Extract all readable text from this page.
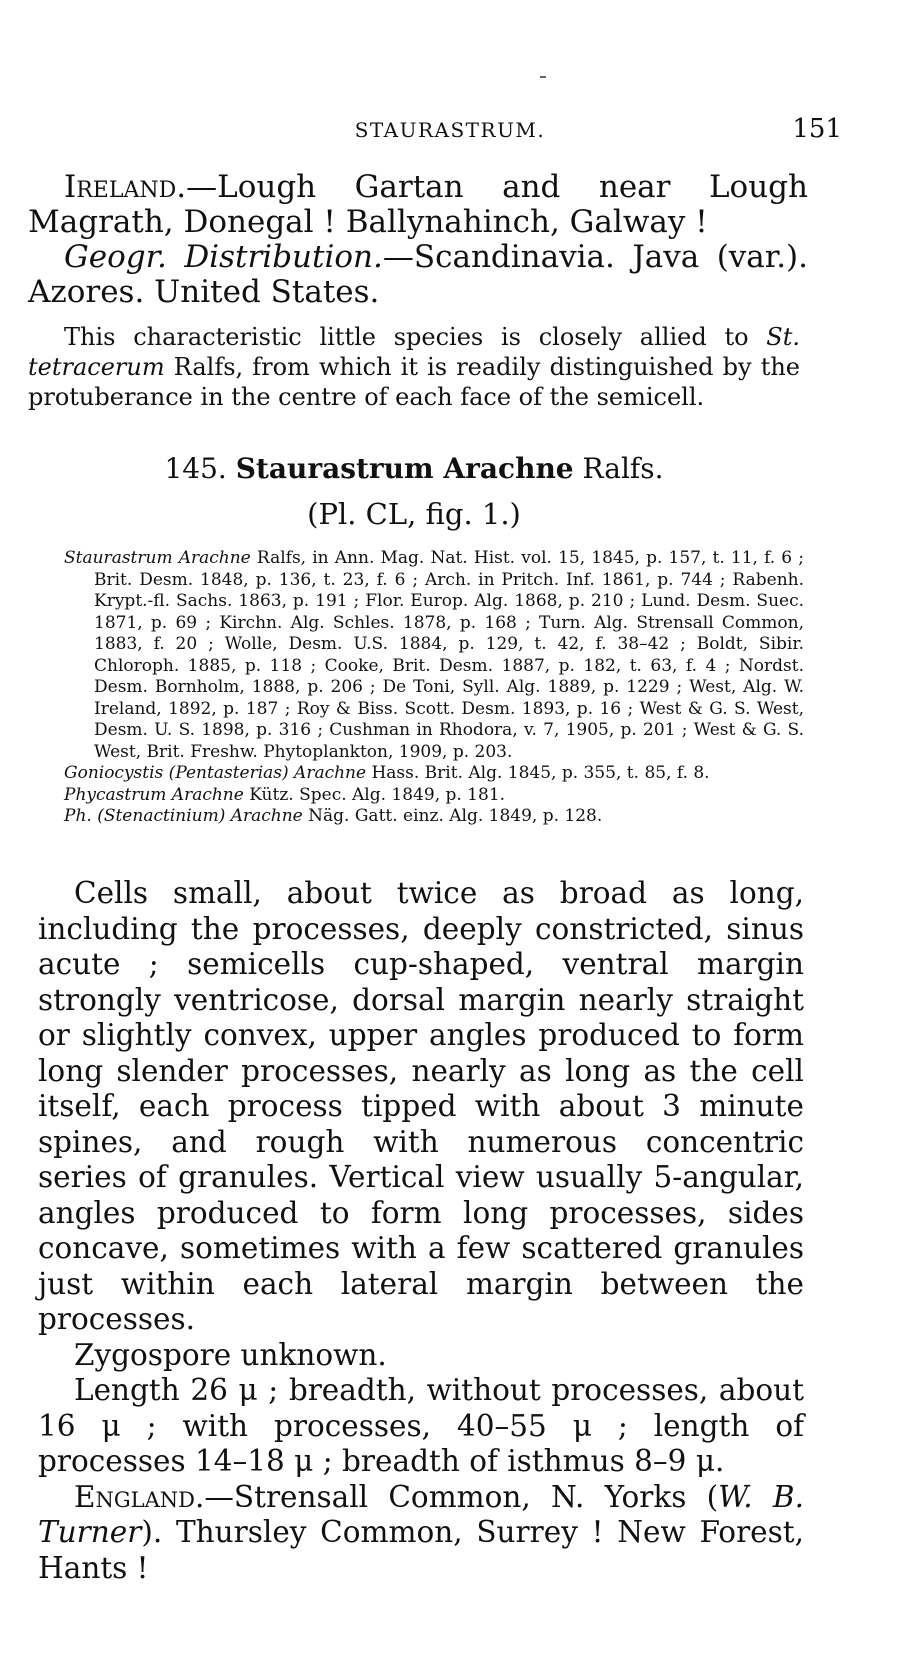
STAURASTRUM.	151

Ireland.—Lough Gartan and near Lough Magrath, Donegal ! Ballynahinch, Galway !

Geogr. Distribution.—Scandinavia. Java (var.). Azores. United States.

This characteristic little species is closely allied to St. tetracerum Ralfs, from which it is readily distinguished by the protuberance in the centre of each face of the semicell.

145. Staurastrum Arachne Ralfs.
(Pl. CL, fig. 1.)

Staurastrum Arachne Ralfs, in Ann. Mag. Nat. Hist. vol. 15, 1845, p. 157, t. 11, f. 6 ; Brit. Desm. 1848, p. 136, t. 23, f. 6 ; Arch. in Pritch. Inf. 1861, p. 744 ; Rabenh. Krypt.-fl. Sachs. 1863, p. 191 ; Flor. Europ. Alg. 1868, p. 210 ; Lund. Desm. Suec. 1871, p. 69 ; Kirchn. Alg. Schles. 1878, p. 168 ; Turn. Alg. Strensall Common, 1883, f. 20 ; Wolle, Desm. U.S. 1884, p. 129, t. 42, f. 38–42 ; Boldt, Sibir. Chloroph. 1885, p. 118 ; Cooke, Brit. Desm. 1887, p. 182, t. 63, f. 4 ; Nordst. Desm. Bornholm, 1888, p. 206 ; De Toni, Syll. Alg. 1889, p. 1229 ; West, Alg. W. Ireland, 1892, p. 187 ; Roy & Biss. Scott. Desm. 1893, p. 16 ; West & G. S. West, Desm. U. S. 1898, p. 316 ; Cushman in Rhodora, v. 7, 1905, p. 201 ; West & G. S. West, Brit. Freshw. Phytoplankton, 1909, p. 203.

Goniocystis (Pentasterias) Arachne Hass. Brit. Alg. 1845, p. 355, t. 85, f. 8.

Phycastrum Arachne Kütz. Spec. Alg. 1849, p. 181.

Ph. (Stenactinium) Arachne Näg. Gatt. einz. Alg. 1849, p. 128.

Cells small, about twice as broad as long, including the processes, deeply constricted, sinus acute ; semicells cup-shaped, ventral margin strongly ventricose, dorsal margin nearly straight or slightly convex, upper angles produced to form long slender processes, nearly as long as the cell itself, each process tipped with about 3 minute spines, and rough with numerous concentric series of granules. Vertical view usually 5-angular, angles produced to form long processes, sides concave, sometimes with a few scattered granules just within each lateral margin between the processes.

Zygospore unknown.

Length 26 μ ; breadth, without processes, about 16 μ ; with processes, 40–55 μ ; length of processes 14–18 μ ; breadth of isthmus 8–9 μ.

England.—Strensall Common, N. Yorks (W. B. Turner). Thursley Common, Surrey ! New Forest, Hants !
